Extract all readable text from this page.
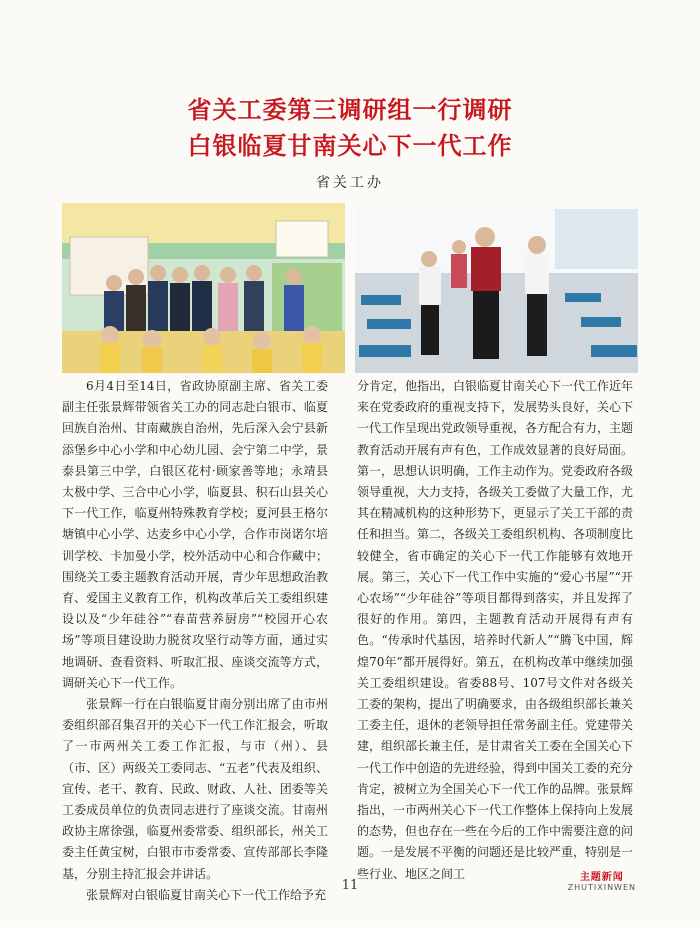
省关工委第三调研组一行调研
白银临夏甘南关心下一代工作
省关工办

6月4日至14日，省政协原副主席、省关工委副主任张景辉带领省关工办的同志赴白银市、临夏回族自治州、甘南藏族自治州，先后深入会宁县新添堡乡中心小学和中心幼儿园、会宁第二中学，景泰县第三中学，白银区花村·顾家善等地；永靖县太极中学、三合中心小学，临夏县、积石山县关心下一代工作，临夏州特殊教育学校；夏河县王格尔塘镇中心小学、达麦乡中心小学，合作市岗诺尔培训学校、卡加曼小学，校外活动中心和合作藏中；围绕关工委主题教育活动开展，青少年思想政治教育、爱国主义教育工作，机构改革后关工委组织建设以及“少年硅谷”“春苗营养厨房”“校园开心农场”等项目建设助力脱贫攻坚行动等方面，通过实地调研、查看资料、听取汇报、座谈交流等方式，调研关心下一代工作。

张景辉一行在白银临夏甘南分别出席了由市州委组织部召集召开的关心下一代工作汇报会，听取了一市两州关工委工作汇报，与市（州）、县（市、区）两级关工委同志、“五老”代表及组织、宣传、老干、教育、民政、财政、人社、团委等关工委成员单位的负责同志进行了座谈交流。甘南州政协主席徐强，临夏州委常委、组织部长，州关工委主任黄宝树，白银市市委常委、宣传部部长李隆基，分别主持汇报会并讲话。

张景辉对白银临夏甘南关心下一代工作给予充

分肯定，他指出，白银临夏甘南关心下一代工作近年来在党委政府的重视支持下，发展势头良好，关心下一代工作呈现出党政领导重视，各方配合有力，主题教育活动开展有声有色，工作成效显著的良好局面。第一，思想认识明确，工作主动作为。党委政府各级领导重视，大力支持，各级关工委做了大量工作，尤其在精减机构的这种形势下，更显示了关工干部的责任和担当。第二，各级关工委组织机构、各项制度比较健全，省市确定的关心下一代工作能够有效地开展。第三，关心下一代工作中实施的“爱心书屋”“开心农场”“少年硅谷”等项目都得到落实，并且发挥了很好的作用。第四，主题教育活动开展得有声有色。“传承时代基因，培养时代新人”“腾飞中国，辉煌70年”都开展得好。第五，在机构改革中继续加强关工委组织建设。省委88号、107号文件对各级关工委的架构，提出了明确要求，由各级组织部长兼关工委主任，退休的老领导担任常务副主任。党建带关建，组织部长兼主任，是甘肃省关工委在全国关心下一代工作中创造的先进经验，得到中国关工委的充分肯定，被树立为全国关心下一代工作的品牌。张景辉指出，一市两州关心下一代工作整体上保持向上发展的态势，但也存在一些在今后的工作中需要注意的问题。一是发展不平衡的问题还是比较严重，特别是一些行业、地区之间工

11
主题新闻
ZHUTIXINWEN
